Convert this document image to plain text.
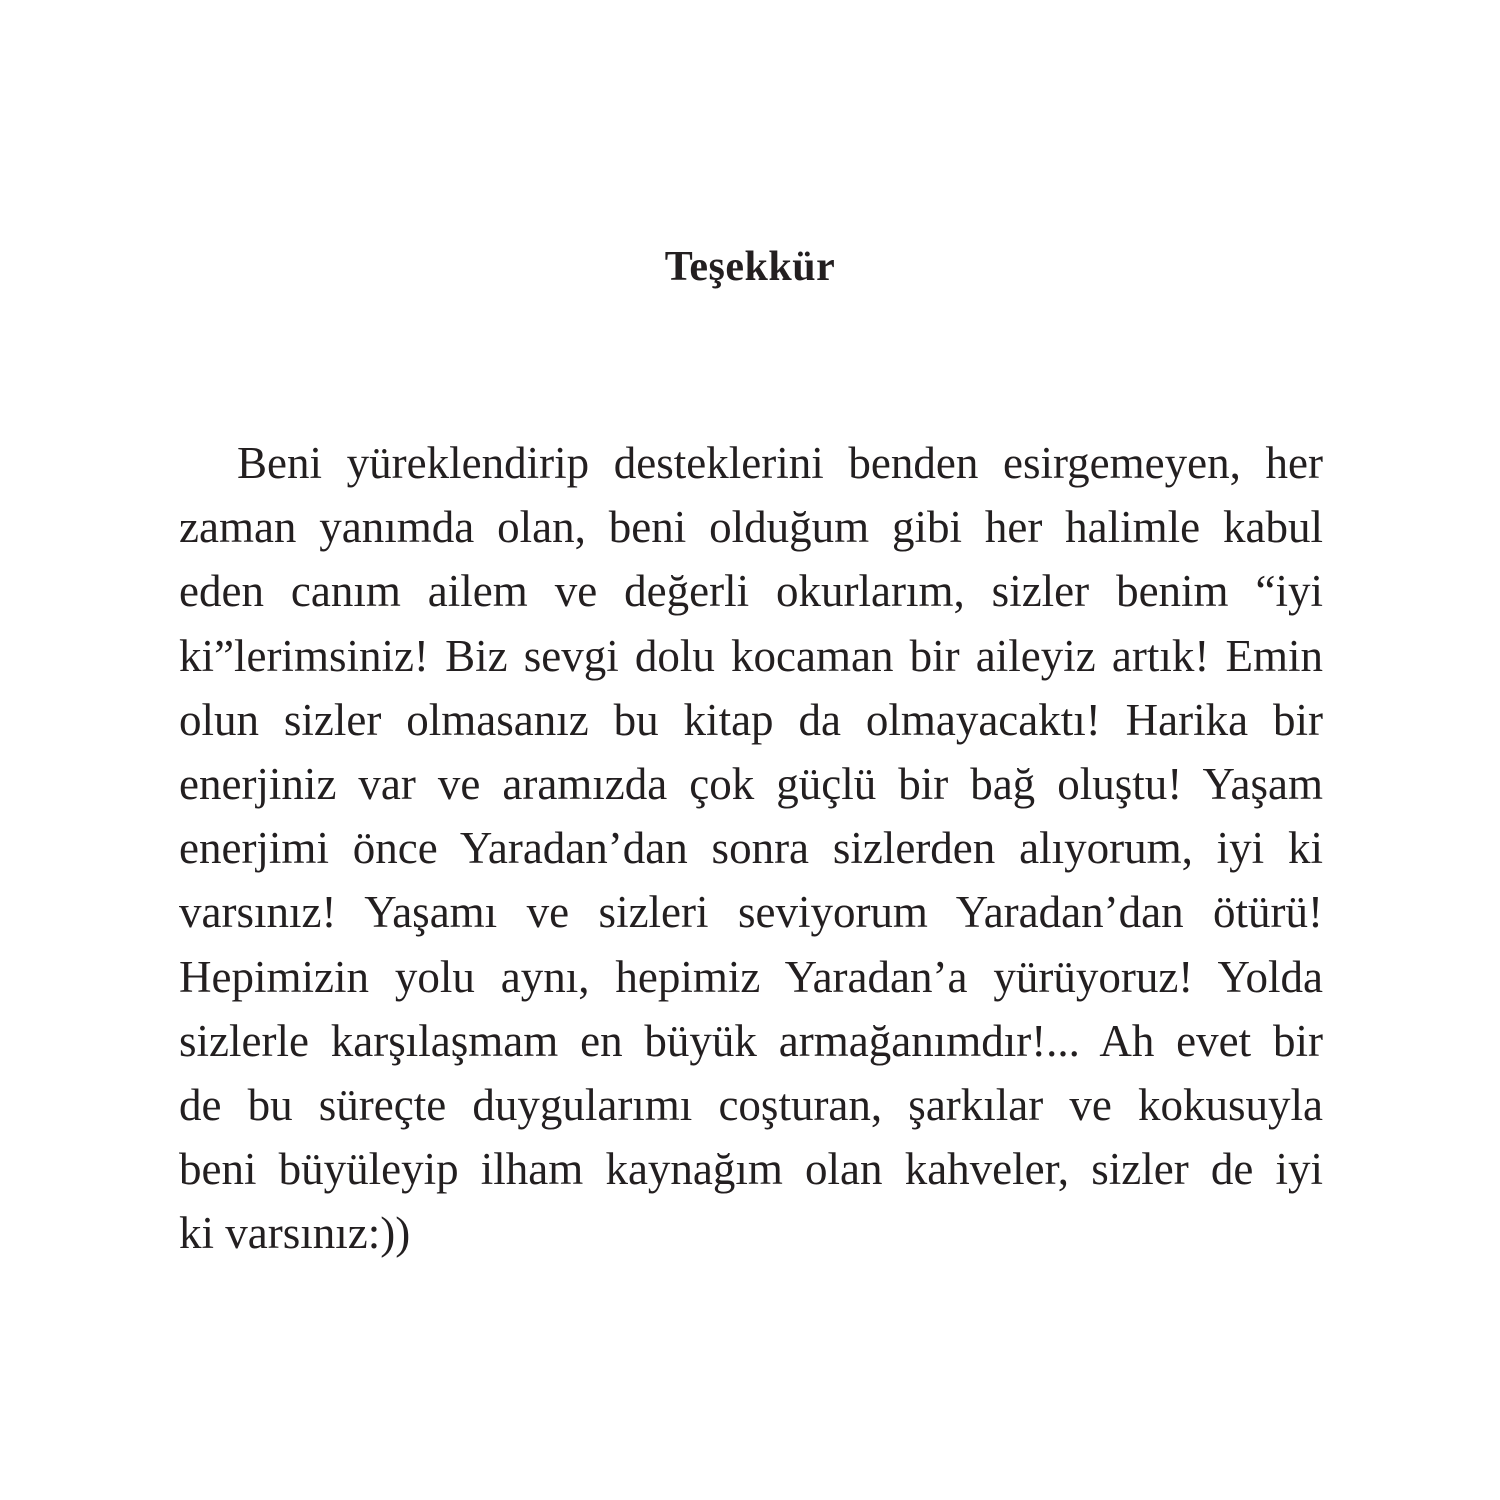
Teşekkür
Beni yüreklendirip desteklerini benden esirgemeyen, her
zaman yanımda olan, beni olduğum gibi her halimle kabul
eden canım ailem ve değerli okurlarım, sizler benim “iyi
ki”lerimsiniz! Biz sevgi dolu kocaman bir aileyiz artık! Emin
olun sizler olmasanız bu kitap da olmayacaktı! Harika bir
enerjiniz var ve aramızda çok güçlü bir bağ oluştu! Yaşam
enerjimi önce Yaradan’dan sonra sizlerden alıyorum, iyi ki
varsınız! Yaşamı ve sizleri seviyorum Yaradan’dan ötürü!
Hepimizin yolu aynı, hepimiz Yaradan’a yürüyoruz! Yolda
sizlerle karşılaşmam en büyük armağanımdır!... Ah evet bir
de bu süreçte duygularımı coşturan, şarkılar ve kokusuyla
beni büyüleyip ilham kaynağım olan kahveler, sizler de iyi
ki varsınız:))
